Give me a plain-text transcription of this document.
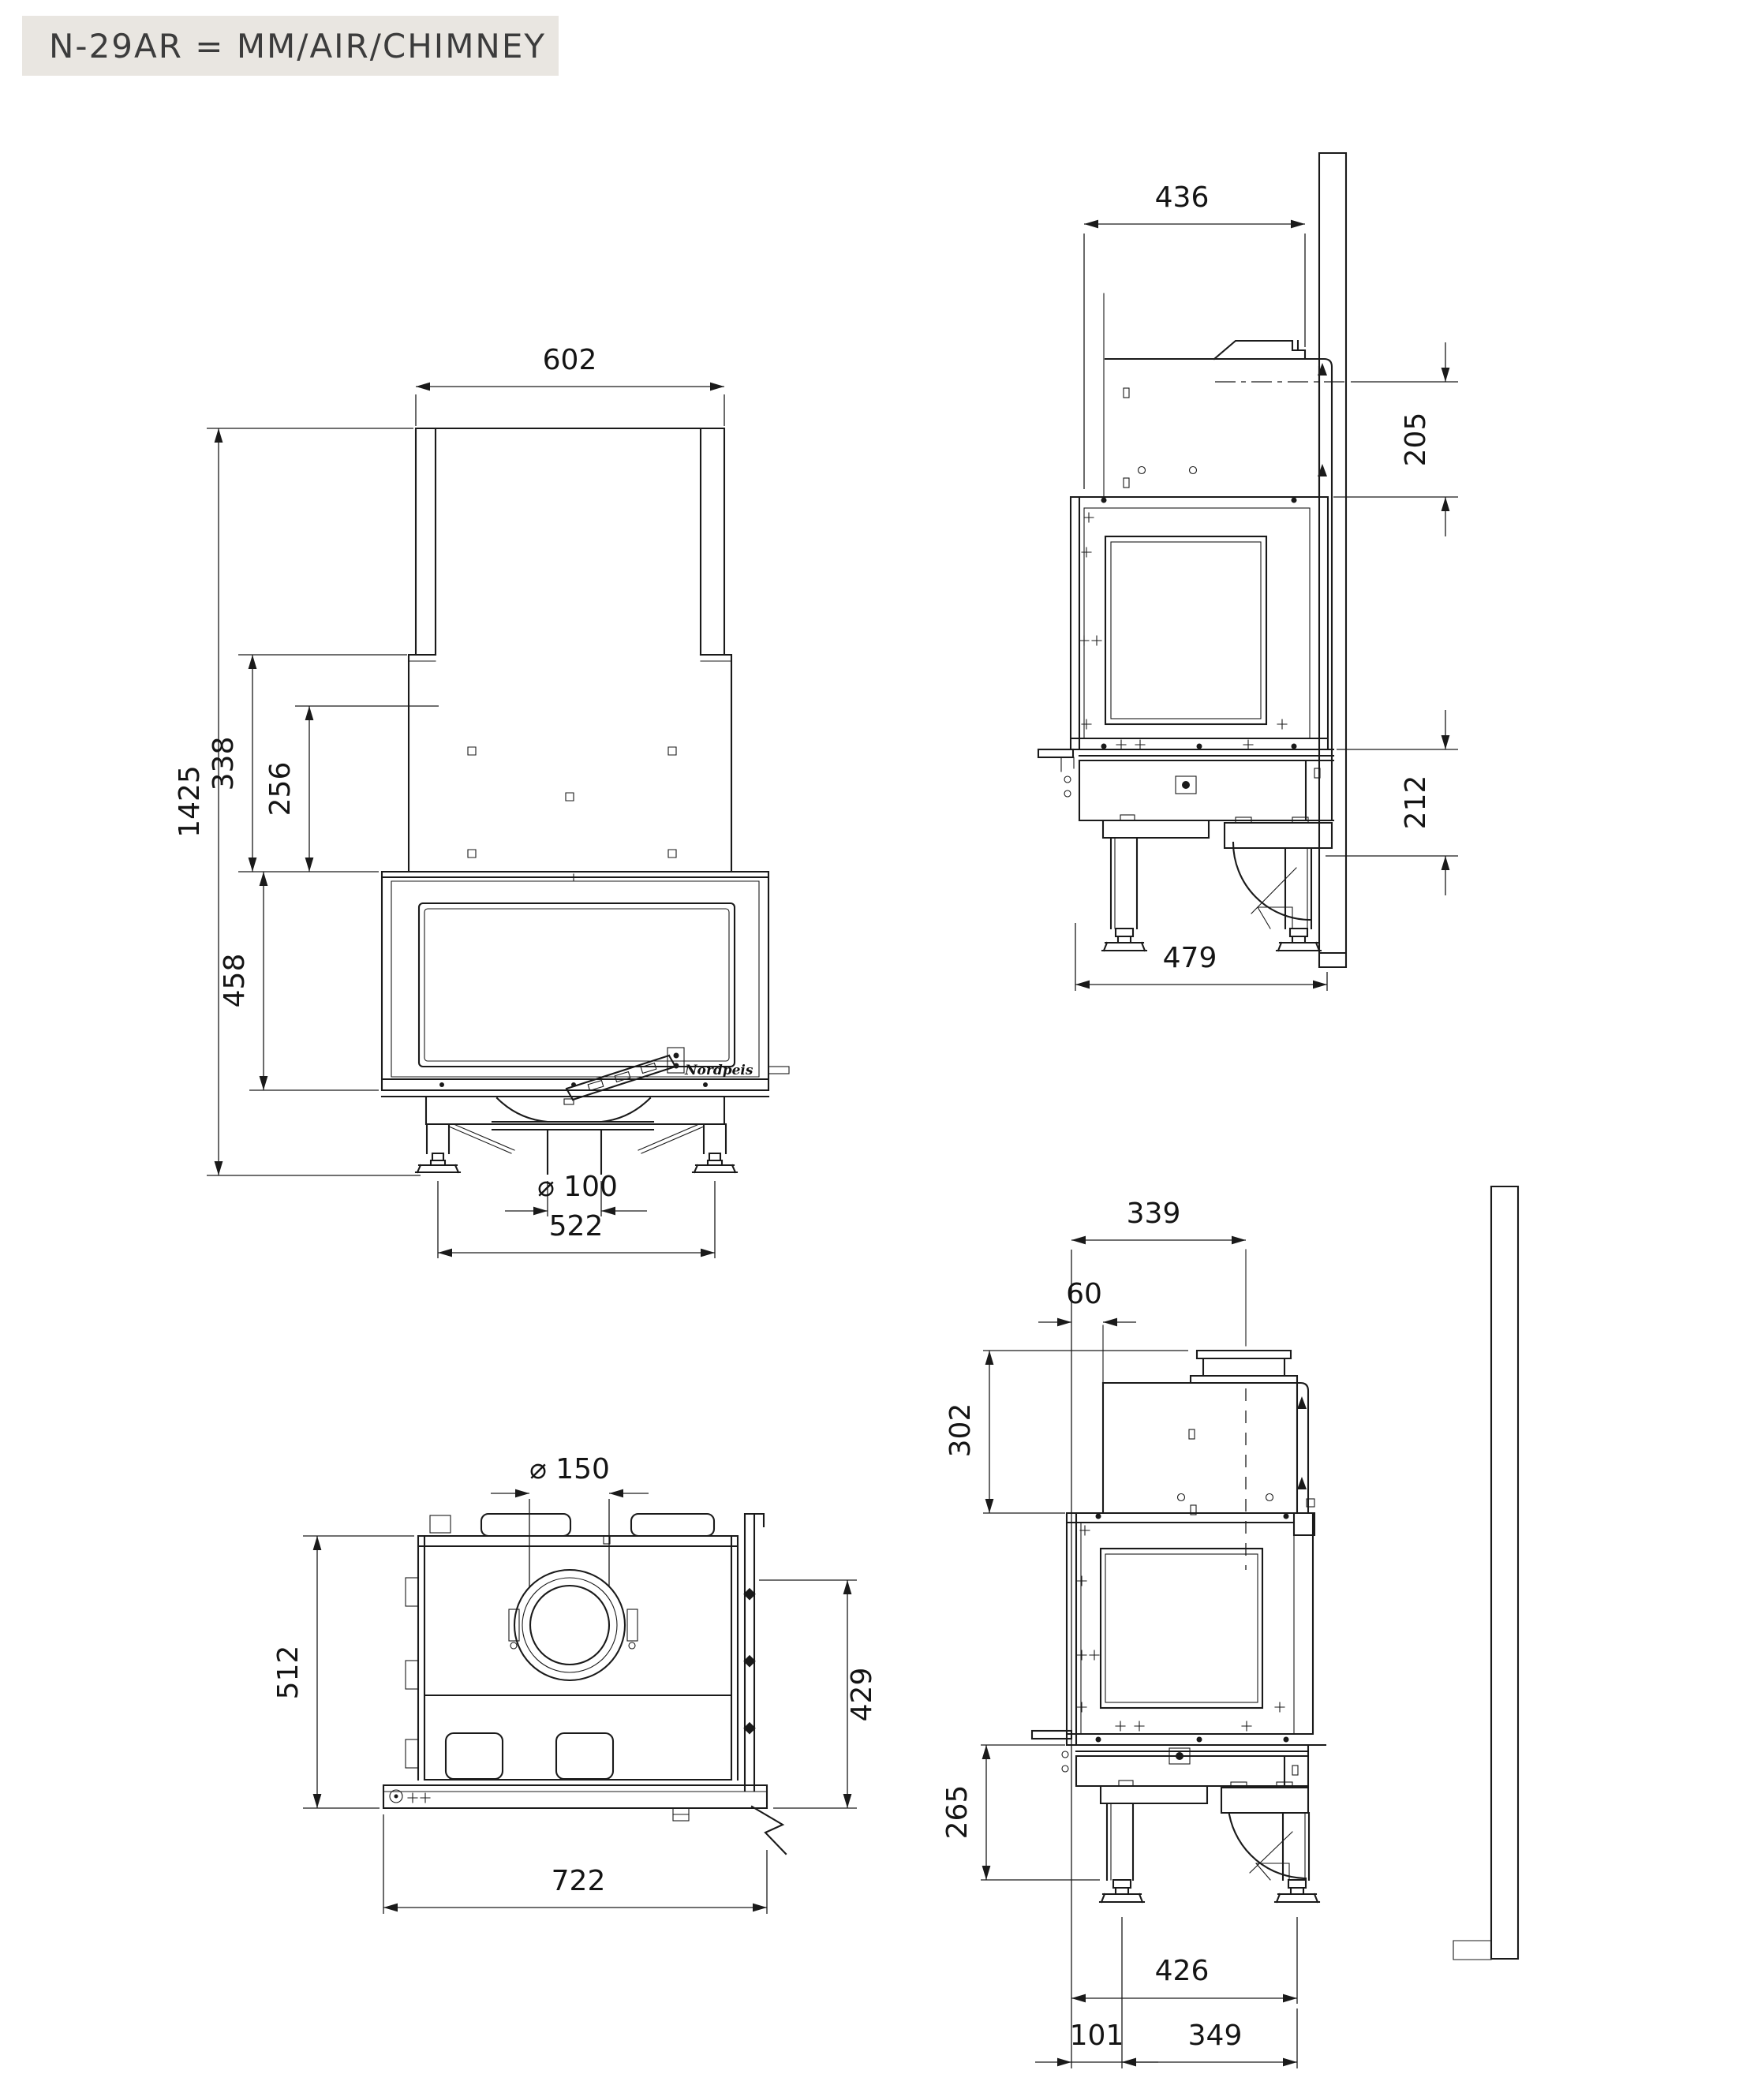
N-29AR = MM/AIR/CHIMNEY
Nordpeis
602
1425
338 256
458
⌀ 100
522
436
205
212
479
⌀ 150
512	429
722
339
60
302
265
426
101 349
